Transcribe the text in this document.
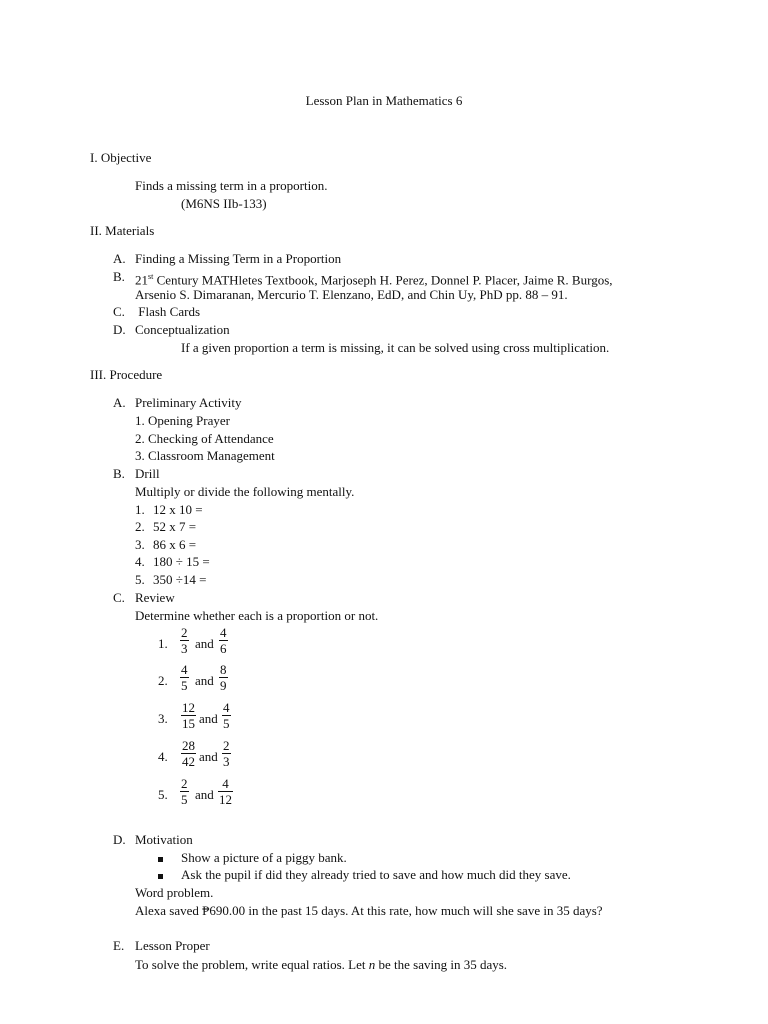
Lesson Plan in Mathematics 6
I. Objective
Finds a missing term in a proportion.
(M6NS IIb-133)
II. Materials
A. Finding a Missing Term in a Proportion
B. 21st Century MATHletes Textbook, Marjoseph H. Perez, Donnel P. Placer, Jaime R. Burgos,
Arsenio S. Dimaranan, Mercurio T. Elenzano, EdD, and Chin Uy, PhD pp. 88 – 91.
C. Flash Cards
D. Conceptualization
If a given proportion a term is missing, it can be solved using cross multiplication.
III. Procedure
A. Preliminary Activity
1. Opening Prayer
2. Checking of Attendance
3. Classroom Management
B. Drill
Multiply or divide the following mentally.
1. 12 x 10 =
2. 52 x 7 =
3. 86 x 6 =
4. 180 ÷ 15 =
5. 350 ÷14 =
C. Review
Determine whether each is a proportion or not.
1. $\frac{2}{3}$ and $\frac{4}{6}$
2. $\frac{4}{5}$ and $\frac{8}{9}$
3. $\frac{12}{15}$ and $\frac{4}{5}$
4. $\frac{28}{42}$ and $\frac{2}{3}$
5. $\frac{2}{5}$ and $\frac{4}{12}$
D. Motivation
Show a picture of a piggy bank.
Ask the pupil if did they already tried to save and how much did they save.
Word problem.
Alexa saved ₱690.00 in the past 15 days. At this rate, how much will she save in 35 days?
E. Lesson Proper
To solve the problem, write equal ratios. Let n be the saving in 35 days.
